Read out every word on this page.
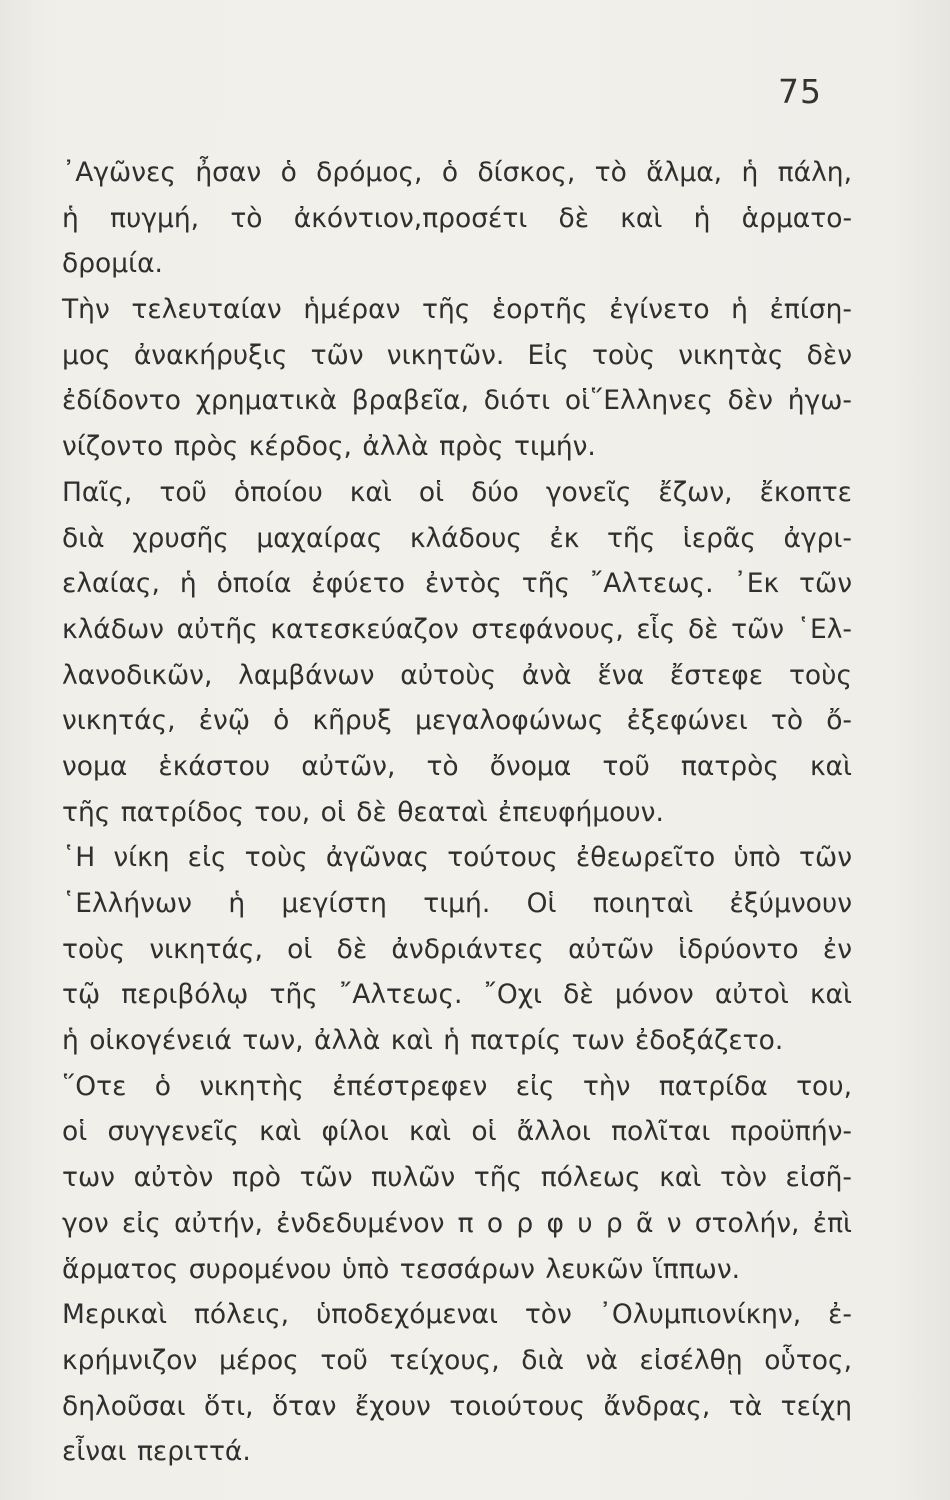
75
᾿Αγῶνες ἦσαν ὁ δρόμος, ὁ δίσκος, τὸ ἅλμα, ἡ πάλη,
ἡ πυγμή, τὸ ἀκόντιον,προσέτι δὲ καὶ ἡ ἁρματο-
δρομία.
Τὴν τελευταίαν ἡμέραν τῆς ἑορτῆς ἐγίνετο ἡ ἐπίση-
μος ἀνακήρυξις τῶν νικητῶν. Εἰς τοὺς νικητὰς δὲν
ἐδίδοντο χρηματικὰ βραβεῖα, διότι οἱ῞Ελληνες δὲν ἠγω-
νίζοντο πρὸς κέρδος, ἀλλὰ πρὸς τιμήν.
Παῖς, τοῦ ὁποίου καὶ οἱ δύο γονεῖς ἔζων, ἔκοπτε
διὰ χρυσῆς μαχαίρας κλάδους ἐκ τῆς ἱερᾶς ἀγρι-
ελαίας, ἡ ὁποία ἐφύετο ἐντὸς τῆς ῎Αλτεως. ᾿Εκ τῶν
κλάδων αὐτῆς κατεσκεύαζον στεφάνους, εἷς δὲ τῶν ῾Ελ-
λανοδικῶν, λαμβάνων αὐτοὺς ἀνὰ ἕνα ἔστεφε τοὺς
νικητάς, ἐνῷ ὁ κῆρυξ μεγαλοφώνως ἐξεφώνει τὸ ὄ-
νομα ἑκάστου αὐτῶν, τὸ ὄνομα τοῦ πατρὸς καὶ
τῆς πατρίδος του, οἱ δὲ θεαταὶ ἐπευφήμουν.
῾Η νίκη εἰς τοὺς ἀγῶνας τούτους ἐθεωρεῖτο ὑπὸ τῶν
῾Ελλήνων ἡ μεγίστη τιμή. Οἱ ποιηταὶ ἐξύμνουν
τοὺς νικητάς, οἱ δὲ ἀνδριάντες αὐτῶν ἱδρύοντο ἐν
τῷ περιβόλῳ τῆς ῎Αλτεως. ῎Οχι δὲ μόνον αὐτοὶ καὶ
ἡ οἰκογένειά των, ἀλλὰ καὶ ἡ πατρίς των ἐδοξάζετο.
῞Οτε ὁ νικητὴς ἐπέστρεφεν εἰς τὴν πατρίδα του,
οἱ συγγενεῖς καὶ φίλοι καὶ οἱ ἄλλοι πολῖται προϋπήν-
των αὐτὸν πρὸ τῶν πυλῶν τῆς πόλεως καὶ τὸν εἰσῆ-
γον εἰς αὐτήν, ἐνδεδυμένον π ο ρ φ υ ρ ᾶ ν στολήν, ἐπὶ
ἅρματος συρομένου ὑπὸ τεσσάρων λευκῶν ἵππων.
Μερικαὶ πόλεις, ὑποδεχόμεναι τὸν ᾿Ολυμπιονίκην, ἐ-
κρήμνιζον μέρος τοῦ τείχους, διὰ νὰ εἰσέλθῃ οὗτος,
δηλοῦσαι ὅτι, ὅταν ἔχουν τοιούτους ἄνδρας, τὰ τείχη
εἶναι περιττά.
